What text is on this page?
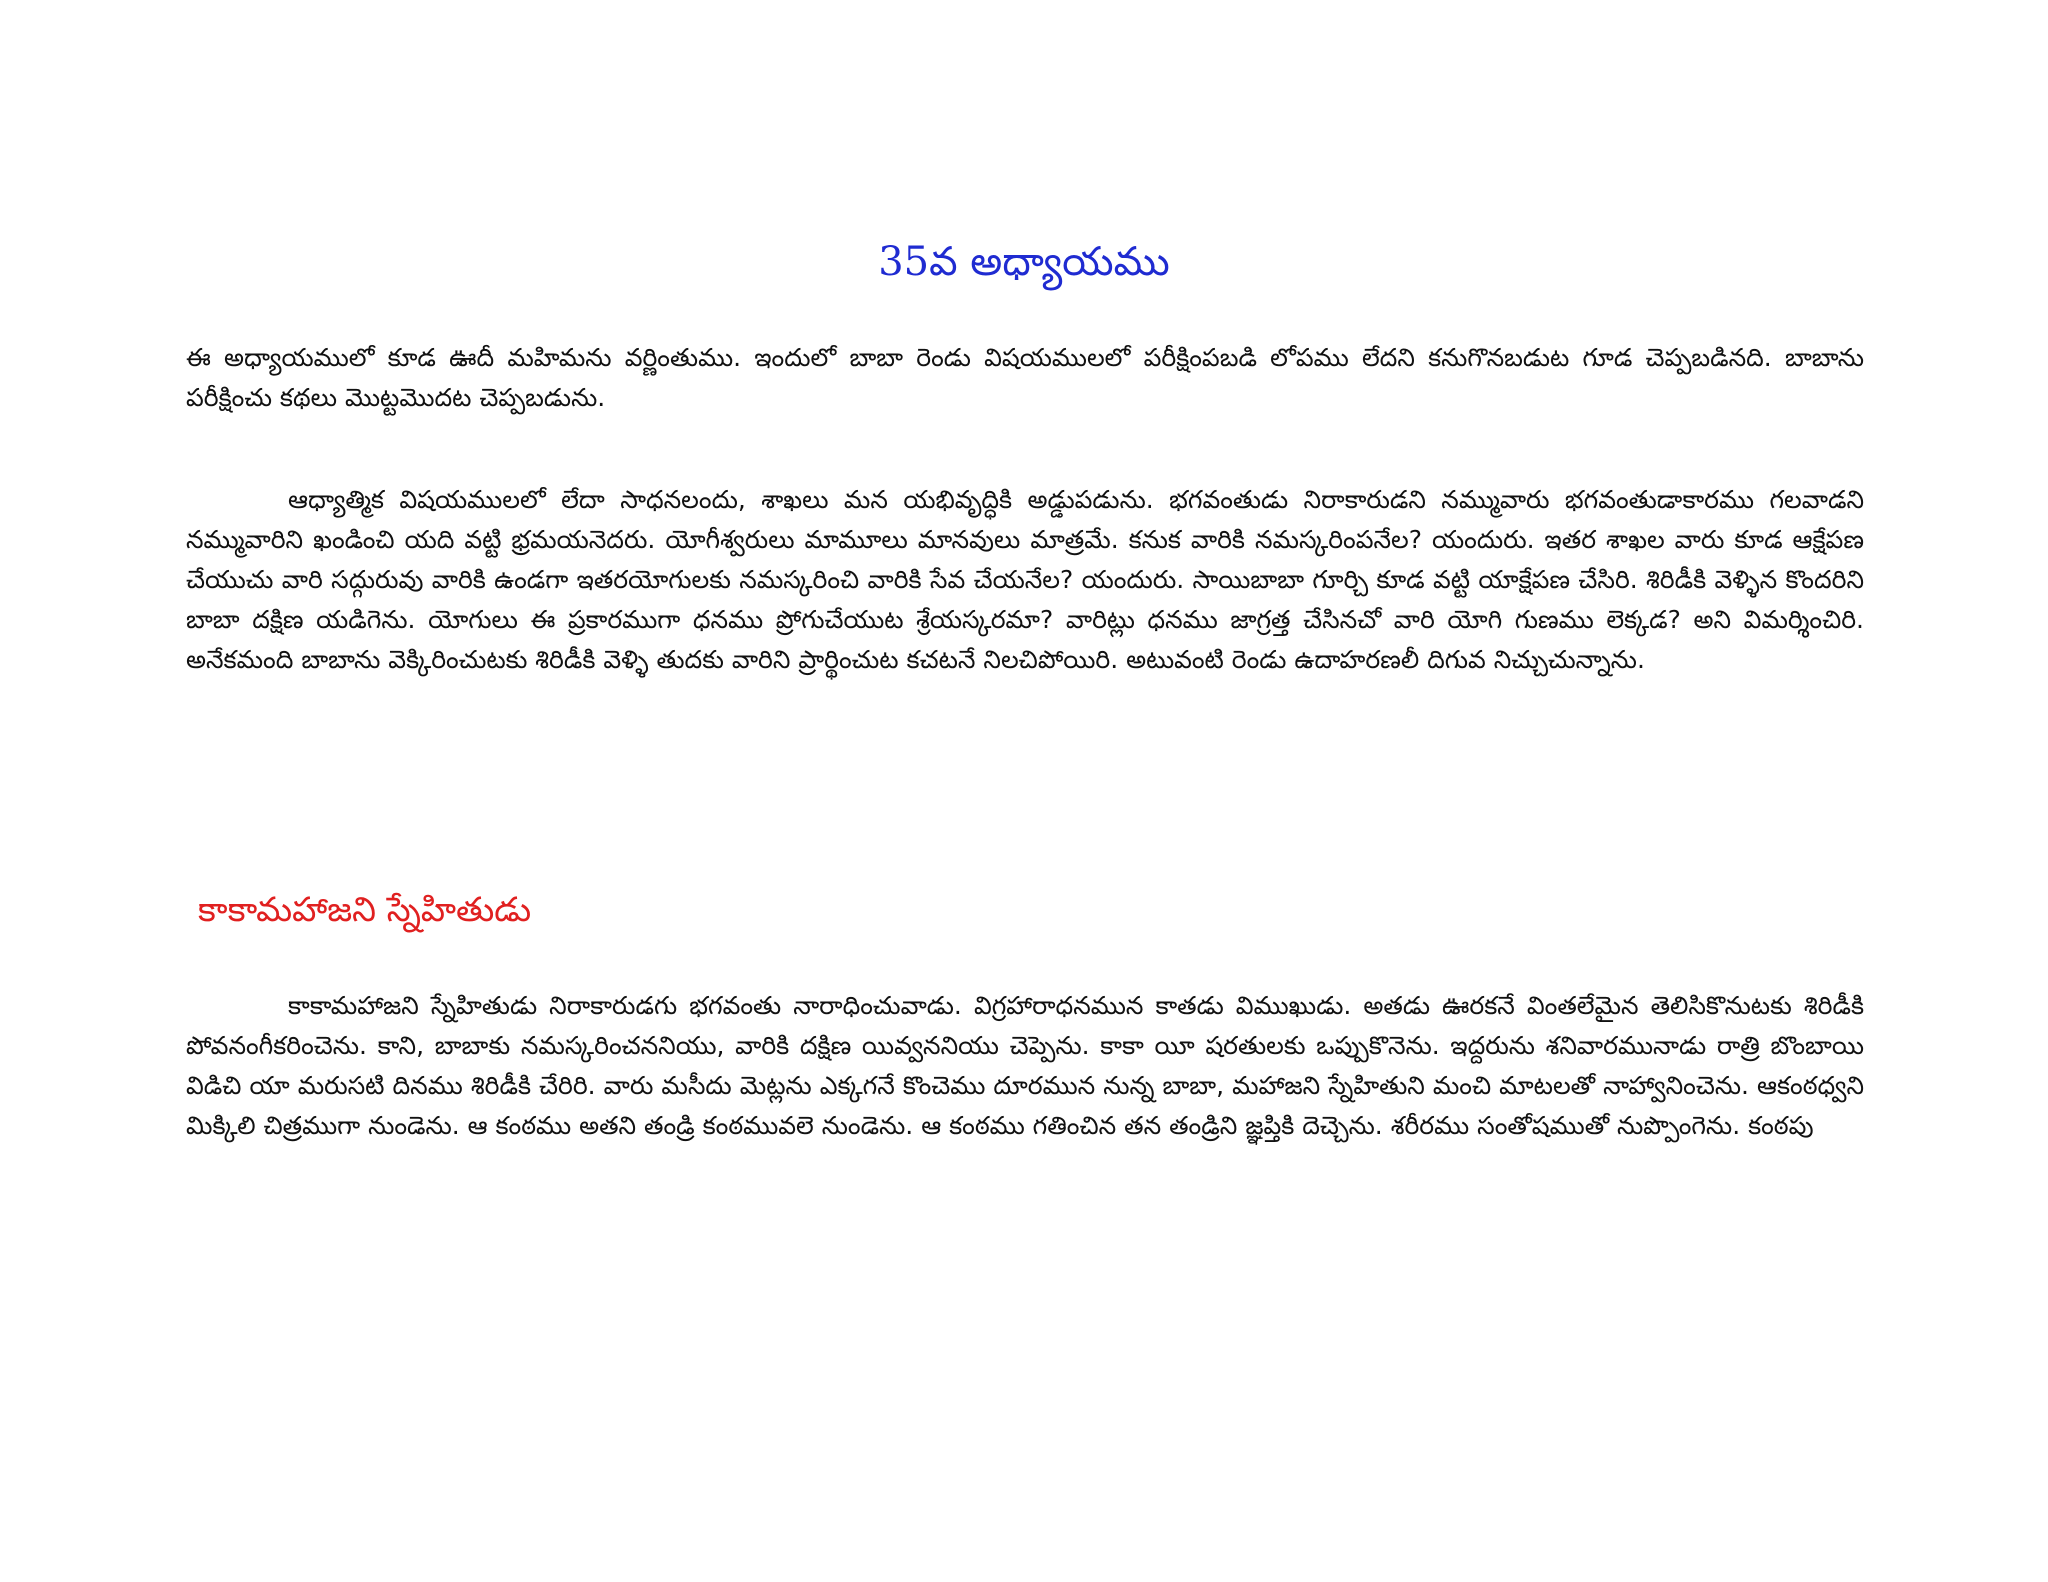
35వ అధ్యాయము

ఈ అధ్యాయములో కూడ ఊదీ మహిమను వర్ణింతుము. ఇందులో బాబా రెండు విషయములలో పరీక్షింపబడి లోపము లేదని కనుగొనబడుట గూడ చెప్పబడినది. బాబాను పరీక్షించు కథలు మొట్టమొదట చెప్పబడును.

ఆధ్యాత్మిక విషయములలో లేదా సాధనలందు, శాఖలు మన యభివృద్ధికి అడ్డుపడును. భగవంతుడు నిరాకారుడని నమ్మువారు భగవంతుడాకారము గలవాడని నమ్మువారిని ఖండించి యది వట్టి భ్రమయనెదరు. యోగీశ్వరులు మామూలు మానవులు మాత్రమే. కనుక వారికి నమస్కరింపనేల? యందురు. ఇతర శాఖల వారు కూడ ఆక్షేపణ చేయుచు వారి సద్గురువు వారికి ఉండగా ఇతరయోగులకు నమస్కరించి వారికి సేవ చేయనేల? యందురు. సాయిబాబా గూర్చి కూడ వట్టి యాక్షేపణ చేసిరి. శిరిడీకి వెళ్ళిన కొందరిని బాబా దక్షిణ యడిగెను. యోగులు ఈ ప్రకారముగా ధనము ప్రోగుచేయుట శ్రేయస్కరమా? వారిట్లు ధనము జాగ్రత్త చేసినచో వారి యోగి గుణము లెక్కడ? అని విమర్శించిరి. అనేకమంది బాబాను వెక్కిరించుటకు శిరిడీకి వెళ్ళి తుదకు వారిని ప్రార్థించుట కచటనే నిలచిపోయిరి. అటువంటి రెండు ఉదాహరణలీ దిగువ నిచ్చుచున్నాను.

కాకామహాజని స్నేహితుడు

కాకామహాజని స్నేహితుడు నిరాకారుడగు భగవంతు నారాధించువాడు. విగ్రహారాధనమున కాతడు విముఖుడు. అతడు ఊరకనే వింతలేమైన తెలిసికొనుటకు శిరిడీకి పోవనంగీకరించెను. కాని, బాబాకు నమస్కరించననియు, వారికి దక్షిణ యివ్వననియు చెప్పెను. కాకా యీ షరతులకు ఒప్పుకొనెను. ఇద్దరును శనివారమునాడు రాత్రి బొంబాయి విడిచి యా మరుసటి దినము శిరిడీకి చేరిరి. వారు మసీదు మెట్లను ఎక్కగనే కొంచెము దూరమున నున్న బాబా, మహాజని స్నేహితుని మంచి మాటలతో నాహ్వానించెను. ఆకంఠధ్వని మిక్కిలి చిత్రముగా నుండెను. ఆ కంఠము అతని తండ్రి కంఠమువలె నుండెను. ఆ కంఠము గతించిన తన తండ్రిని జ్ఞప్తికి దెచ్చెను. శరీరము సంతోషముతో నుప్పొంగెను. కంఠపు
